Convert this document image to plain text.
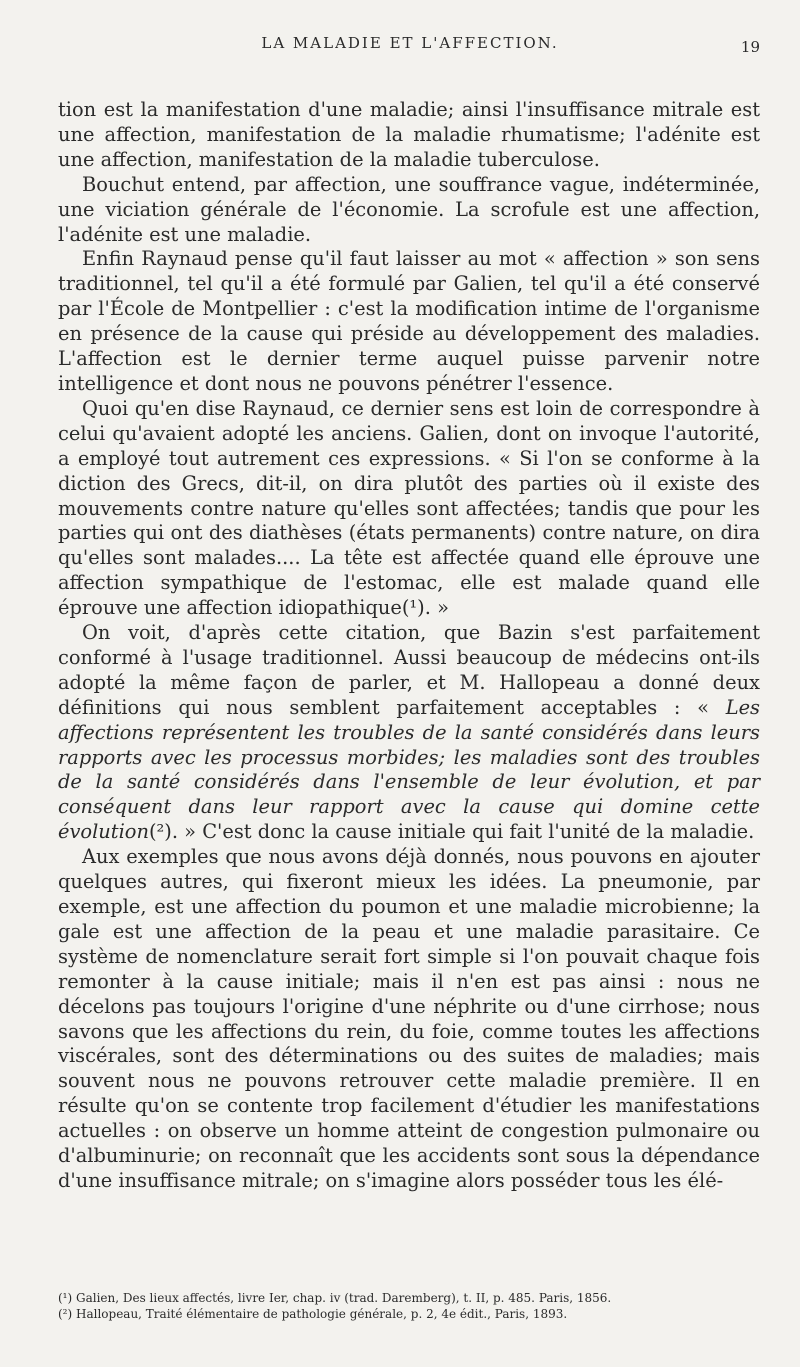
LA MALADIE ET L'AFFECTION.	19

tion est la manifestation d'une maladie; ainsi l'insuffisance mitrale est une affection, manifestation de la maladie rhumatisme; l'adénite est une affection, manifestation de la maladie tuberculose.

Bouchut entend, par affection, une souffrance vague, indéterminée, une viciation générale de l'économie. La scrofule est une affection, l'adénite est une maladie.

Enfin Raynaud pense qu'il faut laisser au mot « affection » son sens traditionnel, tel qu'il a été formulé par Galien, tel qu'il a été conservé par l'École de Montpellier : c'est la modification intime de l'organisme en présence de la cause qui préside au développement des maladies. L'affection est le dernier terme auquel puisse parvenir notre intelligence et dont nous ne pouvons pénétrer l'essence.

Quoi qu'en dise Raynaud, ce dernier sens est loin de correspondre à celui qu'avaient adopté les anciens. Galien, dont on invoque l'autorité, a employé tout autrement ces expressions. « Si l'on se conforme à la diction des Grecs, dit-il, on dira plutôt des parties où il existe des mouvements contre nature qu'elles sont affectées; tandis que pour les parties qui ont des diathèses (états permanents) contre nature, on dira qu'elles sont malades.... La tête est affectée quand elle éprouve une affection sympathique de l'estomac, elle est malade quand elle éprouve une affection idiopathique(¹). »

On voit, d'après cette citation, que Bazin s'est parfaitement conformé à l'usage traditionnel. Aussi beaucoup de médecins ont-ils adopté la même façon de parler, et M. Hallopeau a donné deux définitions qui nous semblent parfaitement acceptables : « Les affections représentent les troubles de la santé considérés dans leurs rapports avec les processus morbides; les maladies sont des troubles de la santé considérés dans l'ensemble de leur évolution, et par conséquent dans leur rapport avec la cause qui domine cette évolution(²). » C'est donc la cause initiale qui fait l'unité de la maladie.

Aux exemples que nous avons déjà donnés, nous pouvons en ajouter quelques autres, qui fixeront mieux les idées. La pneumonie, par exemple, est une affection du poumon et une maladie microbienne; la gale est une affection de la peau et une maladie parasitaire. Ce système de nomenclature serait fort simple si l'on pouvait chaque fois remonter à la cause initiale; mais il n'en est pas ainsi : nous ne décelons pas toujours l'origine d'une néphrite ou d'une cirrhose; nous savons que les affections du rein, du foie, comme toutes les affections viscérales, sont des déterminations ou des suites de maladies; mais souvent nous ne pouvons retrouver cette maladie première. Il en résulte qu'on se contente trop facilement d'étudier les manifestations actuelles : on observe un homme atteint de congestion pulmonaire ou d'albuminurie; on reconnaît que les accidents sont sous la dépendance d'une insuffisance mitrale; on s'imagine alors posséder tous les élé-

(¹) Galien, Des lieux affectés, livre Ier, chap. iv (trad. Daremberg), t. II, p. 485. Paris, 1856.

(²) Hallopeau, Traité élémentaire de pathologie générale, p. 2, 4e édit., Paris, 1893.
